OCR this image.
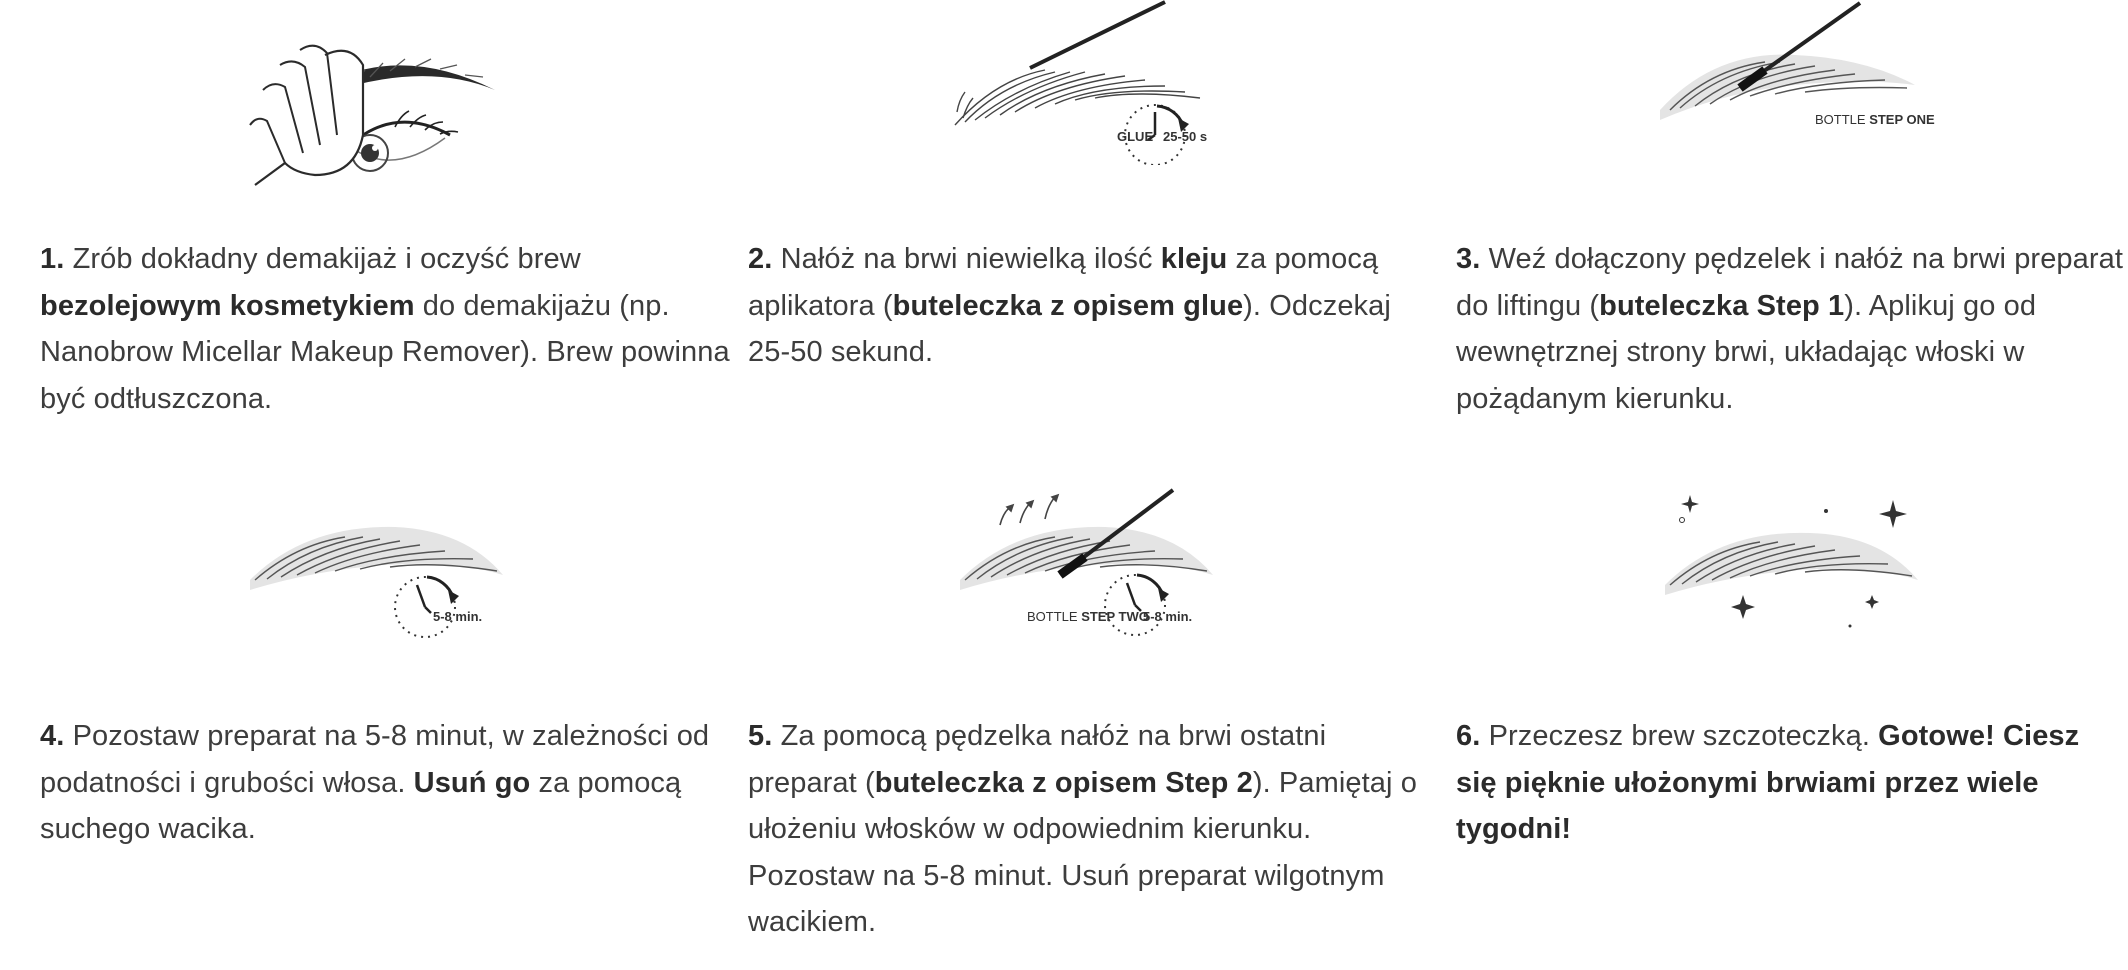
1. Zrób dokładny demakijaż i oczyść brew bezolejowym kosmetykiem do demakijażu (np. Nanobrow Micellar Makeup Remover). Brew powinna być odtłuszczona.
GLUE 25-50 s
2. Nałóż na brwi niewielką ilość kleju za pomocą aplikatora (buteleczka z opisem glue). Odczekaj 25-50 sekund.
BOTTLE STEP ONE
3. Weź dołączony pędzelek i nałóż na brwi preparat do liftingu (buteleczka Step 1). Aplikuj go od wewnętrznej strony brwi, układając włoski w pożądanym kierunku.
5-8 min.
4. Pozostaw preparat na 5-8 minut, w zależności od podatności i grubości włosa. Usuń go za pomocą suchego wacika.
BOTTLE STEP TWO
5-8 min.
5. Za pomocą pędzelka nałóż na brwi ostatni preparat (buteleczka z opisem Step 2). Pamiętaj o ułożeniu włosków w odpowiednim kierunku. Pozostaw na 5-8 minut. Usuń preparat wilgotnym wacikiem.
6. Przeczesz brew szczoteczką. Gotowe! Ciesz się pięknie ułożonymi brwiami przez wiele tygodni!
